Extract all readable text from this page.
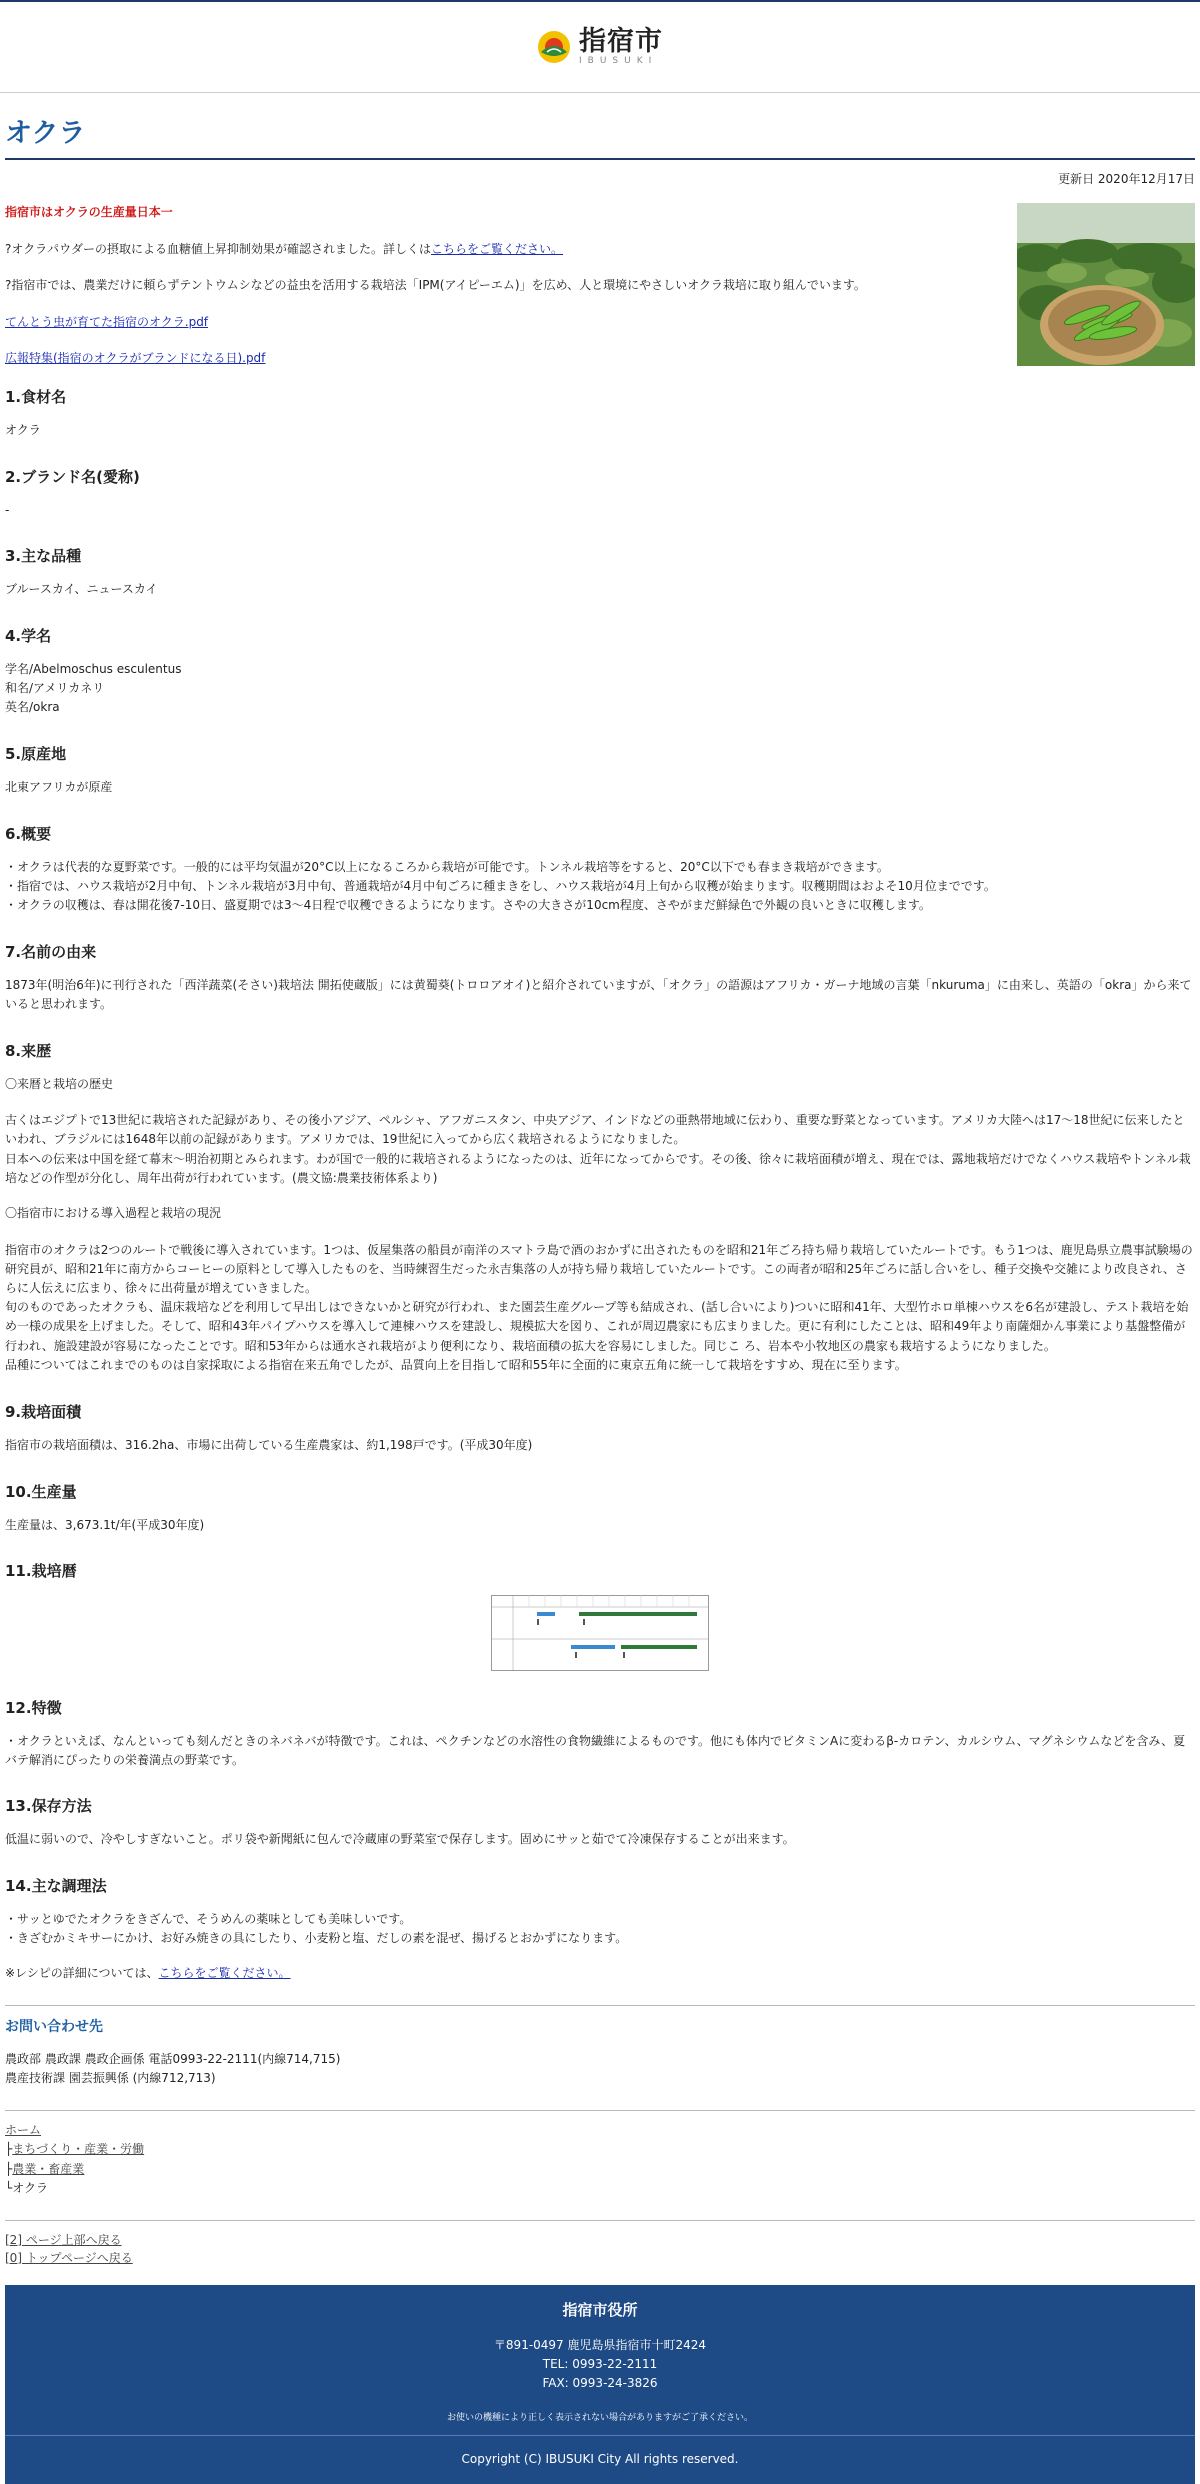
指宿市
IBUSUKI
オクラ
更新日 2020年12月17日

指宿市はオクラの生産量日本一

?オクラパウダーの摂取による血糖値上昇抑制効果が確認されました。詳しくはこちらをご覧ください。

?指宿市では、農業だけに頼らずテントウムシなどの益虫を活用する栽培法「IPM(アイピーエム)」を広め、人と環境にやさしいオクラ栽培に取り組んでいます。

てんとう虫が育てた指宿のオクラ.pdf

広報特集(指宿のオクラがブランドになる日).pdf

1.食材名

オクラ

2.ブランド名(愛称)

-

3.主な品種

ブルースカイ、ニュースカイ

4.学名
学名/Abelmoschus esculentus
和名/アメリカネリ
英名/okra
5.原産地

北東アフリカが原産

6.概要
・オクラは代表的な夏野菜です。一般的には平均気温が20°C以上になるころから栽培が可能です。トンネル栽培等をすると、20°C以下でも春まき栽培ができます。
・指宿では、ハウス栽培が2月中旬、トンネル栽培が3月中旬、普通栽培が4月中旬ごろに種まきをし、ハウス栽培が4月上旬から収穫が始まります。収穫期間はおよそ10月位までです。
・オクラの収穫は、春は開花後7-10日、盛夏期では3〜4日程で収穫できるようになります。さやの大きさが10cm程度、さやがまだ鮮緑色で外観の良いときに収穫します。
7.名前の由来

1873年(明治6年)に刊行された「西洋蔬菜(そさい)栽培法 開拓使蔵版」には黄蜀葵(トロロアオイ)と紹介されていますが、「オクラ」の語源はアフリカ・ガーナ地域の言葉「nkuruma」に由来し、英語の「okra」から来ていると思われます。

8.来歴

〇来暦と栽培の歴史

古くはエジプトで13世紀に栽培された記録があり、その後小アジア、ペルシャ、アフガニスタン、中央アジア、インドなどの亜熱帯地域に伝わり、重要な野菜となっています。アメリカ大陸へは17〜18世紀に伝来したといわれ、ブラジルには1648年以前の記録があります。アメリカでは、19世紀に入ってから広く栽培されるようになりました。
日本への伝来は中国を経て幕末〜明治初期とみられます。わが国で一般的に栽培されるようになったのは、近年になってからです。その後、徐々に栽培面積が増え、現在では、露地栽培だけでなくハウス栽培やトンネル栽培などの作型が分化し、周年出荷が行われています。(農文協:農業技術体系より)

〇指宿市における導入過程と栽培の現況

指宿市のオクラは2つのルートで戦後に導入されています。1つは、仮屋集落の船員が南洋のスマトラ島で酒のおかずに出されたものを昭和21年ごろ持ち帰り栽培していたルートです。もう1つは、鹿児島県立農事試験場の研究員が、昭和21年に南方からコーヒーの原料として導入したものを、当時練習生だった永吉集落の人が持ち帰り栽培していたルートです。この両者が昭和25年ごろに話し合いをし、種子交換や交雑により改良され、さらに人伝えに広まり、徐々に出荷量が増えていきました。
旬のものであったオクラも、温床栽培などを利用して早出しはできないかと研究が行われ、また園芸生産グループ等も結成され、(話し合いにより)ついに昭和41年、大型竹ホロ単棟ハウスを6名が建設し、テスト栽培を始め一様の成果を上げました。そして、昭和43年パイプハウスを導入して連棟ハウスを建設し、規模拡大を図り、これが周辺農家にも広まりました。更に有利にしたことは、昭和49年より南薩畑かん事業により基盤整備が行われ、施設建設が容易になったことです。昭和53年からは通水され栽培がより便利になり、栽培面積の拡大を容易にしました。同じこ ろ、岩本や小牧地区の農家も栽培するようになりました。
品種についてはこれまでのものは自家採取による指宿在来五角でしたが、品質向上を目指して昭和55年に全面的に東京五角に統一して栽培をすすめ、現在に至ります。
9.栽培面積

指宿市の栽培面積は、316.2ha、市場に出荷している生産農家は、約1,198戸です。(平成30年度)

10.生産量

生産量は、3,673.1t/年(平成30年度)

11.栽培暦
12.特徴

・オクラといえば、なんといっても刻んだときのネバネバが特徴です。これは、ペクチンなどの水溶性の食物繊維によるものです。他にも体内でビタミンAに変わるβ‐カロテン、カルシウム、マグネシウムなどを含み、夏バテ解消にぴったりの栄養満点の野菜です。

13.保存方法

低温に弱いので、冷やしすぎないこと。ポリ袋や新聞紙に包んで冷蔵庫の野菜室で保存します。固めにサッと茹でて冷凍保存することが出来ます。

14.主な調理法
・サッとゆでたオクラをきざんで、そうめんの薬味としても美味しいです。
・きざむかミキサーにかけ、お好み焼きの具にしたり、小麦粉と塩、だしの素を混ぜ、揚げるとおかずになります。

※レシピの詳細については、こちらをご覧ください。

お問い合わせ先
農政部 農政課 農政企画係 電話0993‐22‐2111(内線714,715)
農産技術課 園芸振興係 (内線712,713)
ホーム
├まちづくり・産業・労働
├農業・畜産業
└オクラ
[2] ページ上部へ戻る
[0] トップページへ戻る
指宿市役所
〒891-0497 鹿児島県指宿市十町2424
TEL: 0993-22-2111
FAX: 0993-24-3826
お使いの機種により正しく表示されない場合がありますがご了承ください。
Copyright (C) IBUSUKI City All rights reserved.
